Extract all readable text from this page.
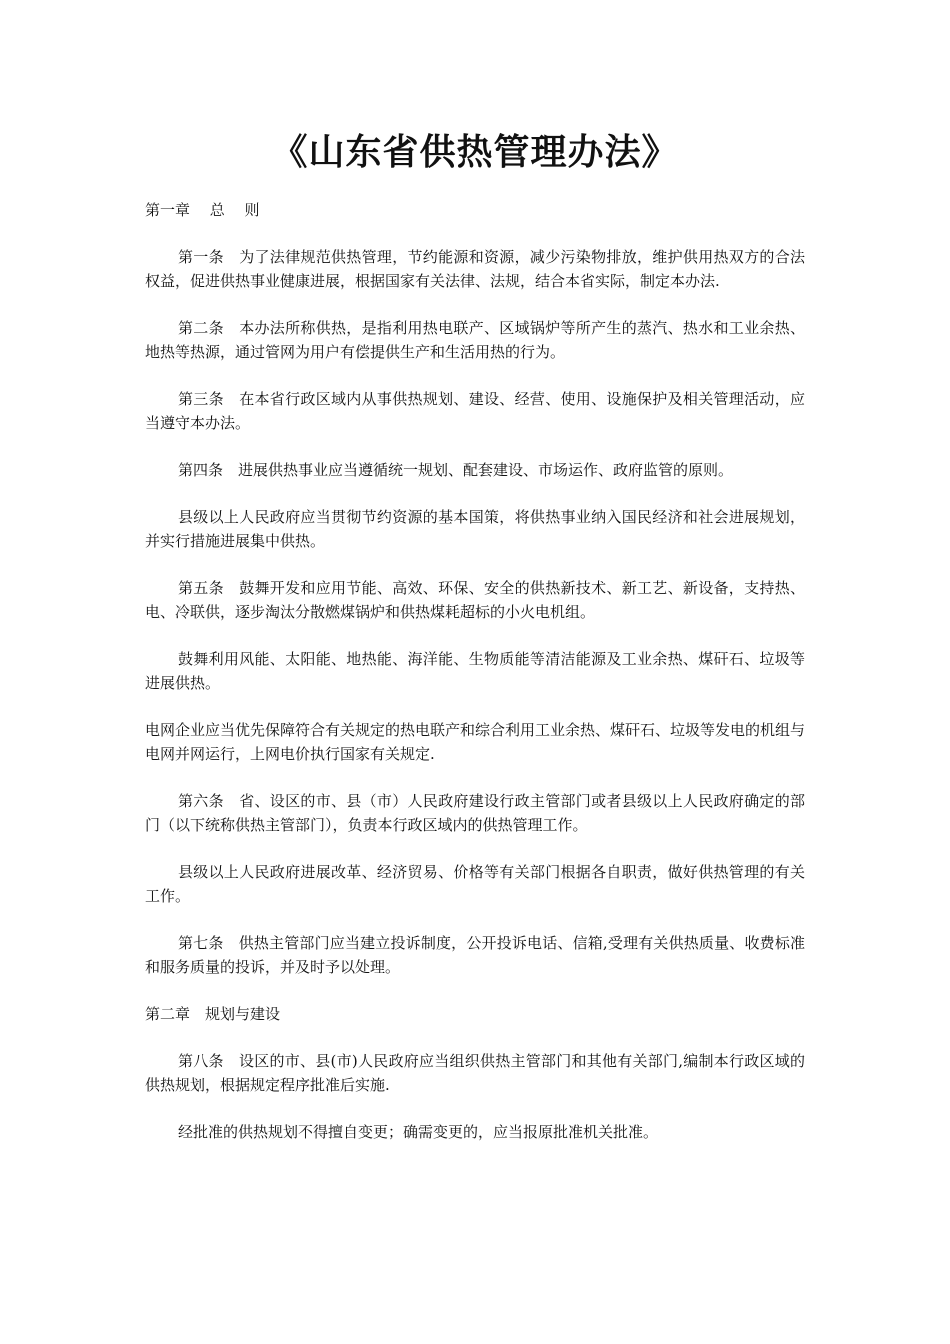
《山东省供热管理办法》

第一章　 总　 则

第一条　为了法律规范供热管理，节约能源和资源，减少污染物排放，维护供用热双方的合法权益，促进供热事业健康进展，根据国家有关法律、法规，结合本省实际，制定本办法.

第二条　本办法所称供热，是指利用热电联产、区域锅炉等所产生的蒸汽、热水和工业余热、地热等热源，通过管网为用户有偿提供生产和生活用热的行为。

第三条　在本省行政区域内从事供热规划、建设、经营、使用、设施保护及相关管理活动，应当遵守本办法。

第四条　进展供热事业应当遵循统一规划、配套建设、市场运作、政府监管的原则。

县级以上人民政府应当贯彻节约资源的基本国策，将供热事业纳入国民经济和社会进展规划，并实行措施进展集中供热。

第五条　鼓舞开发和应用节能、高效、环保、安全的供热新技术、新工艺、新设备，支持热、电、冷联供，逐步淘汰分散燃煤锅炉和供热煤耗超标的小火电机组。

鼓舞利用风能、太阳能、地热能、海洋能、生物质能等清洁能源及工业余热、煤矸石、垃圾等进展供热。

电网企业应当优先保障符合有关规定的热电联产和综合利用工业余热、煤矸石、垃圾等发电的机组与电网并网运行，上网电价执行国家有关规定.

第六条　省、设区的市、县（市）人民政府建设行政主管部门或者县级以上人民政府确定的部门（以下统称供热主管部门），负责本行政区域内的供热管理工作。

县级以上人民政府进展改革、经济贸易、价格等有关部门根据各自职责，做好供热管理的有关工作。

第七条　供热主管部门应当建立投诉制度，公开投诉电话、信箱,受理有关供热质量、收费标准和服务质量的投诉，并及时予以处理。

第二章　规划与建设

第八条　设区的市、县(市)人民政府应当组织供热主管部门和其他有关部门,编制本行政区域的供热规划，根据规定程序批准后实施.

经批准的供热规划不得擅自变更；确需变更的，应当报原批准机关批准。
